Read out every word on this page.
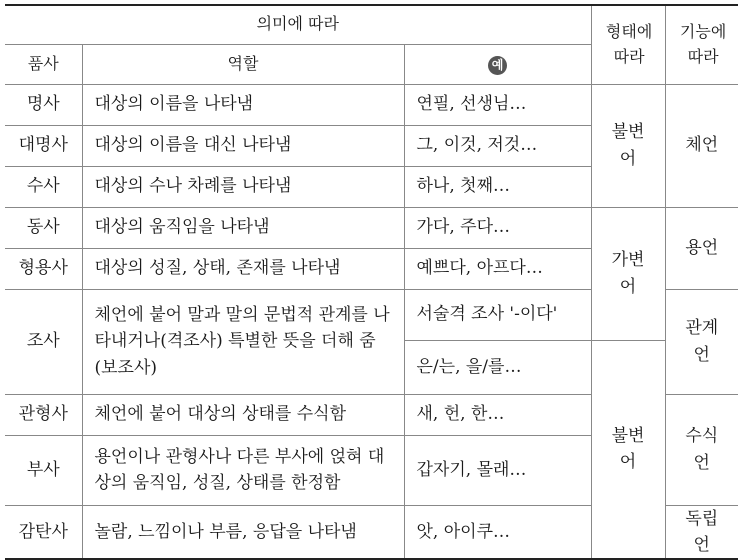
의미에 따라			형태에 따라	기능에 따라
품사	역할	예		
명사	대상의 이름을 나타냄	연필, 선생님…	불변어	체언
대명사	대상의 이름을 대신 나타냄	그, 이것, 저것…		
수사	대상의 수나 차례를 나타냄	하나, 첫째…		
동사	대상의 움직임을 나타냄	가다, 주다…	가변어	용언
형용사	대상의 성질, 상태, 존재를 나타냄	예쁘다, 아프다…		
조사	체언에 붙어 말과 말의 문법적 관계를 나타내거나(격조사) 특별한 뜻을 더해 줌(보조사)	서술격 조사 '-이다'		관계언
		은/는, 을/를…	불변어	
관형사	체언에 붙어 대상의 상태를 수식함	새, 헌, 한…		수식언
부사	용언이나 관형사나 다른 부사에 얹혀 대상의 움직임, 성질, 상태를 한정함	갑자기, 몰래…		
감탄사	놀람, 느낌이나 부름, 응답을 나타냄	앗, 아이쿠…		독립언
